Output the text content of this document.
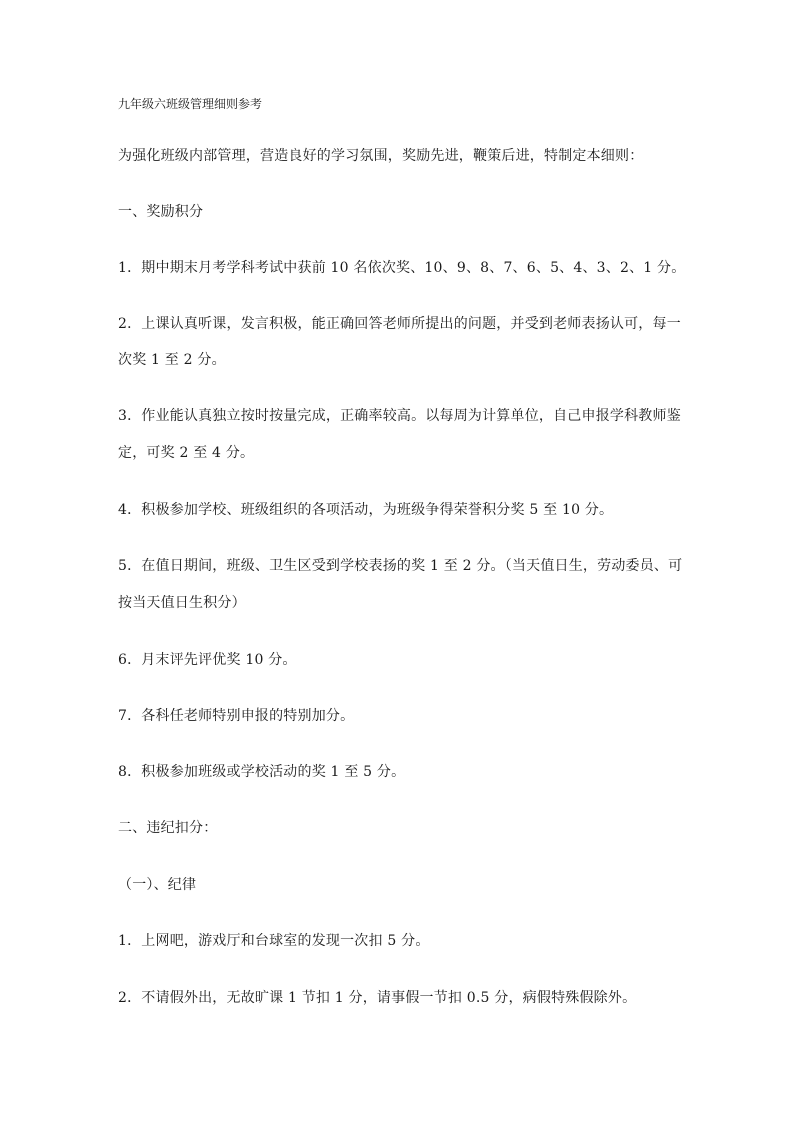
九年级六班级管理细则参考
为强化班级内部管理，营造良好的学习氛围，奖励先进，鞭策后进，特制定本细则：
一、奖励积分
1．期中期末月考学科考试中获前 10 名依次奖、10、9、8、7、6、5、4、3、2、1 分。
2．上课认真听课，发言积极，能正确回答老师所提出的问题，并受到老师表扬认可，每一
次奖 1 至 2 分。
3．作业能认真独立按时按量完成，正确率较高。以每周为计算单位，自己申报学科教师鉴
定，可奖 2 至 4 分。
4．积极参加学校、班级组织的各项活动，为班级争得荣誉积分奖 5 至 10 分。
5．在值日期间，班级、卫生区受到学校表扬的奖 1 至 2 分。（当天值日生，劳动委员、可
按当天值日生积分）
6．月末评先评优奖 10 分。
7．各科任老师特别申报的特别加分。
8．积极参加班级或学校活动的奖 1 至 5 分。
二、违纪扣分：
（一）、纪律
1．上网吧，游戏厅和台球室的发现一次扣 5 分。
2．不请假外出，无故旷课 1 节扣 1 分，请事假一节扣 0.5 分，病假特殊假除外。
